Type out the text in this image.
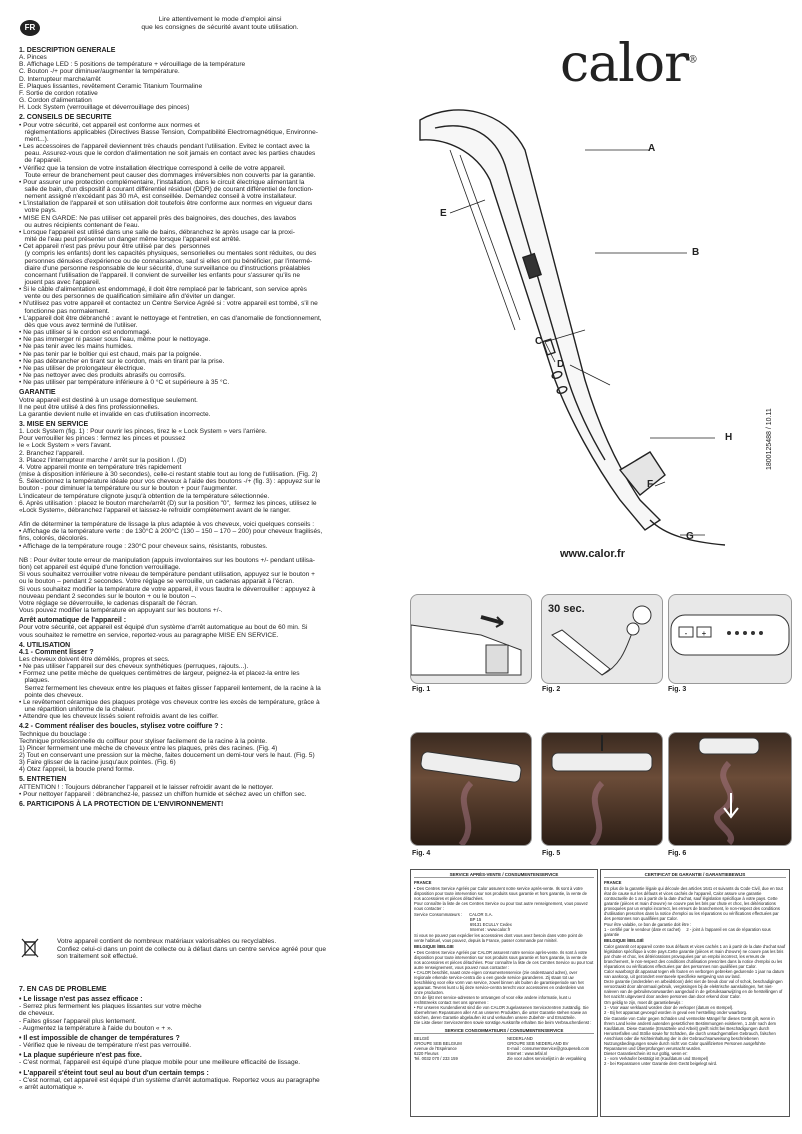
FR
Lire attentivement le mode d'emploi ainsi
que les consignes de sécurité avant toute utilisation.

1. DESCRIPTION GENERALE

A. Pinces
B. Affichage LED : 5 positions de température + vérouillage de la température
C. Bouton -/+ pour diminuer/augmenter la température.
D. Interrupteur marche/arrêt
E. Plaques lissantes, revêtement Ceramic Titanium Tourmaline
F. Sortie de cordon rotative
G. Cordon d'alimentation
H. Lock System (verrouillage et déverrouillage des pinces)

2. CONSEILS DE SECURITE

• Pour votre sécurité, cet appareil est conforme aux normes et
réglementations applicables (Directives Basse Tension, Compatibilité Electromagnétique, Environne-
ment...).
• Les accessoires de l'appareil deviennent très chauds pendant l'utilisation. Evitez le contact avec la
peau. Assurez-vous que le cordon d'alimentation ne soit jamais en contact avec les parties chaudes
de l'appareil.
• Vérifiez que la tension de votre installation électrique correspond à celle de votre appareil.
Toute erreur de branchement peut causer des dommages irréversibles non couverts par la garantie.
• Pour assurer une protection complémentaire, l'installation, dans le circuit électrique alimentant la
salle de bain, d'un dispositif à courant différentiel résiduel (DDR) de courant différentiel de fonction-
nement assigné n'excédant pas 30 mA, est conseillée. Demandez conseil à votre installateur.
• L'installation de l'appareil et son utilisation doit toutefois être conforme aux normes en vigueur dans
votre pays.
• MISE EN GARDE: Ne pas utiliser cet appareil près des baignoires, des douches, des lavabos
ou autres récipients contenant de l'eau.
• Lorsque l'appareil est utilisé dans une salle de bains, débranchez le après usage car la proxi-
mité de l'eau peut présenter un danger même lorsque l'appareil est arrêté.
• Cet appareil n'est pas prévu pour être utilisé par des  personnes
(y compris les enfants) dont les capacités physiques, sensorielles ou mentales sont réduites, ou des
personnes dénuées d'expérience ou de connaissance, sauf si elles ont pu bénéficier, par l'intermé-
diaire d'une personne responsable de leur sécurité, d'une surveillance ou d'instructions préalables
concernant l'utilisation de l'appareil. Il convient de surveiller les enfants pour s'assurer qu'ils ne
jouent pas avec l'appareil.
• Si le câble d'alimentation est endommagé, il doit être remplacé par le fabricant, son service après
vente ou des personnes de qualification similaire afin d'éviter un danger.
• N'utilisez pas votre appareil et contactez un Centre Service Agréé si : votre appareil est tombé, s'il ne
fonctionne pas normalement.
• L'appareil doit être débranché : avant le nettoyage et l'entretien, en cas d'anomalie de fonctionnement,
dès que vous avez terminé de l'utiliser.
• Ne pas utiliser si le cordon est endommagé.
• Ne pas immerger ni passer sous l'eau, même pour le nettoyage.
• Ne pas tenir avec les mains humides.
• Ne pas tenir par le boîtier qui est chaud, mais par la poignée.
• Ne pas débrancher en tirant sur le cordon, mais en tirant par la prise.
• Ne pas utiliser de prolongateur électrique.
• Ne pas nettoyer avec des produits abrasifs ou corrosifs.
• Ne pas utiliser par température inférieure à 0 °C et supérieure à 35 °C.

GARANTIE

Votre appareil est destiné à un usage domestique seulement.
Il ne peut être utilisé à des fins professionnelles.
La garantie devient nulle et invalide en cas d'utilisation incorrecte.

3. MISE EN SERVICE

1. Lock System (fig. 1) : Pour ouvrir les pinces, tirez le « Lock System » vers l'arrière.
Pour verrouiller les pinces : fermez les pinces et poussez
le « Lock System » vers l'avant.
2. Branchez l'appareil.
3. Placez l'interrupteur marche / arrêt sur la position I. (D)
4. Votre appareil monte en température très rapidement
(mise à disposition inférieure à 30 secondes), celle-ci restant stable tout au long de l'utilisation. (Fig. 2)
5. Sélectionnez la température idéale pour vos cheveux à l'aide des boutons -/+ (fig. 3) : appuyez sur le
bouton - pour diminuer la température ou sur le bouton + pour l'augmenter.
L'indicateur de température clignote jusqu'à obtention de la température sélectionnée.
6. Après utilisation : placez le bouton marche/arrêt (D) sur la position "0",  fermez les pinces, utilisez le
«Lock System», débranchez l'appareil et laissez-le refroidir complètement avant de le ranger.

Afin de déterminer la température de lissage la plus adaptée à vos cheveux, voici quelques conseils :
• Affichage de la température verte : de 130°C à 200°C (130 – 150 – 170 – 200) pour cheveux fragilisés,
fins, colorés, décolorés.
• Affichage de la température rouge : 230°C pour cheveux sains, résistants, robustes.

NB : Pour éviter toute erreur de manipulation (appuis involontaires sur les boutons +/- pendant utilisa-
tion) cet appareil est équipé d'une fonction verrouillage.
Si vous souhaitez verrouiller votre niveau de température pendant utilisation, appuyez sur le bouton +
ou le bouton – pendant 2 secondes. Votre réglage se verrouille, un cadenas apparait à l'écran.
Si vous souhaitez modifier la température de votre appareil, il vous faudra le déverrouiller : appuyez à
nouveau pendant 2 secondes sur le bouton + ou le bouton –.
Votre réglage se déverrouille, le cadenas disparaît de l'écran.
Vous pouvez modifier la température en appuyant sur les boutons +/-.

Arrêt automatique de l'appareil :

Pour votre sécurité, cet appareil est équipé d'un système d'arrêt automatique au bout de 60 min. Si
vous souhaitez le remettre en service, reportez-vous au paragraphe MISE EN SERVICE.

4. UTILISATION
4.1 - Comment lisser ?

Les cheveux doivent être démêlés, propres et secs.
• Ne pas utiliser l'appareil sur des cheveux synthétiques (perruques, rajouts...).
• Formez une petite mèche de quelques centimètres de largeur, peignez-la et placez-la entre les
plaques.
Serrez fermement les cheveux entre les plaques et faites glisser l'appareil lentement, de la racine à la
pointe des cheveux.
• Le revêtement céramique des plaques protège vos cheveux contre les excès de température, grâce à
une répartition uniforme de la chaleur.
• Attendre que les cheveux lissés soient refroidis avant de les coiffer.

4.2 - Comment réaliser des boucles, stylisez votre coiffure ? :

Technique du bouclage :
Technique professionnelle du coiffeur pour styliser facilement de la racine à la pointe.
1) Pincer fermement une mèche de cheveux entre les plaques, près des racines. (Fig. 4)
2) Tout en conservant une pression sur la mèche, faites doucement un demi-tour vers le haut. (Fig. 5)
3) Faire glisser de la racine jusqu'aux pointes. (Fig. 6)
4) Otez l'appreil, la boucle prend forme.

5. ENTRETIEN

ATTENTION ! : Toujours débrancher l'appareil et le laisser refroidir avant de le nettoyer.
• Pour nettoyer l'appareil : débranchez-le, passez un chiffon humide et séchez avec un chiffon sec.

6. PARTICIPONS À LA PROTECTION DE L'ENVIRONNEMENT!

Votre appareil contient de nombreux matériaux valorisables ou recyclables.
Confiez celui-ci dans un point de collecte ou à défaut dans un centre service agréé pour que
son traitement soit effectué.

7. EN CAS DE PROBLEME

• Le lissage n'est pas assez efficace :

- Serrez plus fermement les plaques lissantes sur votre mèche
de cheveux.
- Faites glisser l'appareil plus lentement.
- Augmentez la température à l'aide du bouton « + ».

• Il est impossible de changer de températures ?

- Vérifiez que le niveau de température n'est pas verrouillé.

• La plaque supérieure n'est pas fixe.

- C'est normal, l'appareil est équipé d'une plaque mobile pour une meilleure efficacité de lissage.

• L'appareil s'éteint tout seul au bout d'un certain temps :

- C'est normal, cet appareil est équipé d'un système d'arrêt automatique. Reportez vous au paragraphe
« arrêt automatique ».

calor®
A
B
C
D
E
F
G
H
www.calor.fr
1800125488 / 10.11
30 sec.
- +
Fig. 1	Fig. 2	Fig. 3
Fig. 4	Fig. 5	Fig. 6
SERVICE APRÈS-VENTE / CONSUMENTENSERVICE

FRANCE

• Des Centres Service Agréés par Calor assurent notre service après-vente. Ils sont à votre disposition pour toute intervention sur nos produits sous garantie et hors garantie, la vente de nos accessoires et pièces détachées.
Pour connaître la liste de ces Centres Service ou pour tout autre renseignement, vous pouvez nous contacter :

Service Consommateurs :      CALOR S.A.
BP 15
69131 ECULLY Cedex
Internet : www.calor.fr

Si vous ne pouvez pas expédier les accessoires dont vous avez besoin dans votre point de vente habituel, vous pouvez, depuis la France, passer commande par minitel.

BELGIQUE /BELGIE

• Des Centres Service Agréés par CALOR assurent notre service après-vente. Ils sont à votre disposition pour toute intervention sur nos produits sous garantie et hors garantie, la vente de nos accessoires et pièces détachées. Pour connaître la liste de ces Centres Service ou pour tout autre renseignement, vous pouvez nous contacter :
• CALOR beschikt, naast onze eigen consumentenservice (zie onderstaand adres), over regionale erkende service-centra die u een goede service garanderen. Zij staan tot uw beschikking voor elke vorm van service, zowel binnen als buiten de garantieperiode van het apparaat. Tevens kunt u bij deze service-centra terecht voor accessoires en onderdelen van onze producten.
Om de lijst met service-adressen te ontvangen of voor elke andere informatie, kunt u rechtstreeks contact met ons opnemen :
• Für unseren Kundendienst sind die von CALOR zugelassenen Servicezentren zuständig. Sie übernehmen Reparaturen aller Art an unseren Produkten, die unter Garantie stehen sowie an solchen, deren Garantie abgelaufen ist und verkaufen unsere Zubehör- und Ersatzteile.
Die Liste dieser Servicezentren sowie sonstige Auskünfte erhalten Sie beim Verbraucherdienst :

SERVICE CONSOMMATEURS / CONSUMENTENSERVICE

BELGIË
GROUPE SEB BELGIUM
Avenue de l'Espérance
6220 Fleurus
Tel. 0032 070 / 233 159

NEDERLAND
GROUPE SEB NEDERLAND BV
E-mail : consumentservice@groupeseb.com
Internet : www.tefal.nl
Zie voor adres servicelijst in de verpakking

CERTIFICAT DE GARANTIE / GARANTIEBEWIJS

FRANCE

En plus de la garantie légale qui découle des articles 1641 et suivants du Code Civil, due en tout état de cause sur les défauts et vices cachés de l'appareil, Calor assure une garantie contractuelle de 1 an à partir de la date d'achat, sauf législation spécifique à votre pays. Cette garantie (pièces et main d'œuvre) ne couvre pas les bris par chute et choc, les détériorations provoquées par un emploi incorrect, les erreurs de branchement, le non-respect des conditions d'utilisation prescrites dans la notice d'emploi ou les réparations ou vérifications effectuées par des personnes non qualifiées par Calor.

Pour être valable, ce bon de garantie doit être :
1 - certifié par le vendeur (date et cachet)     2 - joint à l'appareil en cas de réparation sous garantie

BELGIQUE /BELGIË

Calor garantit cet appareil contre tous défauts et vices cachés 1 an à partir de la date d'achat sauf législation spécifique à votre pays.Cette garantie (pièces et main d'œuvre) ne couvre pas les bris par chute et choc, les détériorations provoquées par un emploi incorrect, les erreurs de branchement, le non-respect des conditions d'utilisation prescrites dans la notice d'emploi ou les réparations ou vérifications effectuées par des personnes non qualifiées par Calor.
Calor waarborgt dit apparaat tegen elk fouten en verborgen gebreken gedurende 1 jaar na datum van aankoop, uit gezondert eventueele specifieke wetgeving van uw land.
Deze garantie (onderdelen en arbeidsloon) dekt niet de breuk door val of schok, beschadigingen veroorzaakt door abnormaal gebruik, vergissingen bij de elektrische aansluitingen, het niet-naleven van de gebruiksvoorwaarden aangeduid in de gebruiksaanwijzing en de herstellingen of het nazicht uitgevoerd door andere personen dan door erkend door Calor.

Om geldig te zijn, moet dit garantiebewijs :
1 - Voor waar verklaard worden door de verkoper (datum en stempel).
2 - Bij het apparaat gevoegd worden in geval een herstelling onder waarborg.

Die Garantie von Calor gegen Schäden und versteckte Mängel für dieses Gerät gilt, wenn in Ihrem Land keine andersl autenden gesetzlichen Bestimmungen existieren, 1 Jahr nach dem Kaufdatum. Diese Garantie (Ersatzteile und Arbeit) greift nicht bei Beschädigungen durch Herunterfallen und Stöße sowie für Schäden, die durch unsachgemäßen Gebrauch, falschen Anschluss oder die Nichteinhaltung der in der Gebrauchsanweisung beschriebenen Nutzungsbedingungen sowie durch nicht von Calor qualifizierten Personen ausgeführte Reparaturen und Überprüfungen verursacht wurden.
Dieser Garantieschein ist nur gültig, wenn er:
1 - vom Verkäufer bestätigt ist (Kaufdatum und Stempel)
2 - bei Reparaturen unter Garantie dem Gerät beigelegt wird.
